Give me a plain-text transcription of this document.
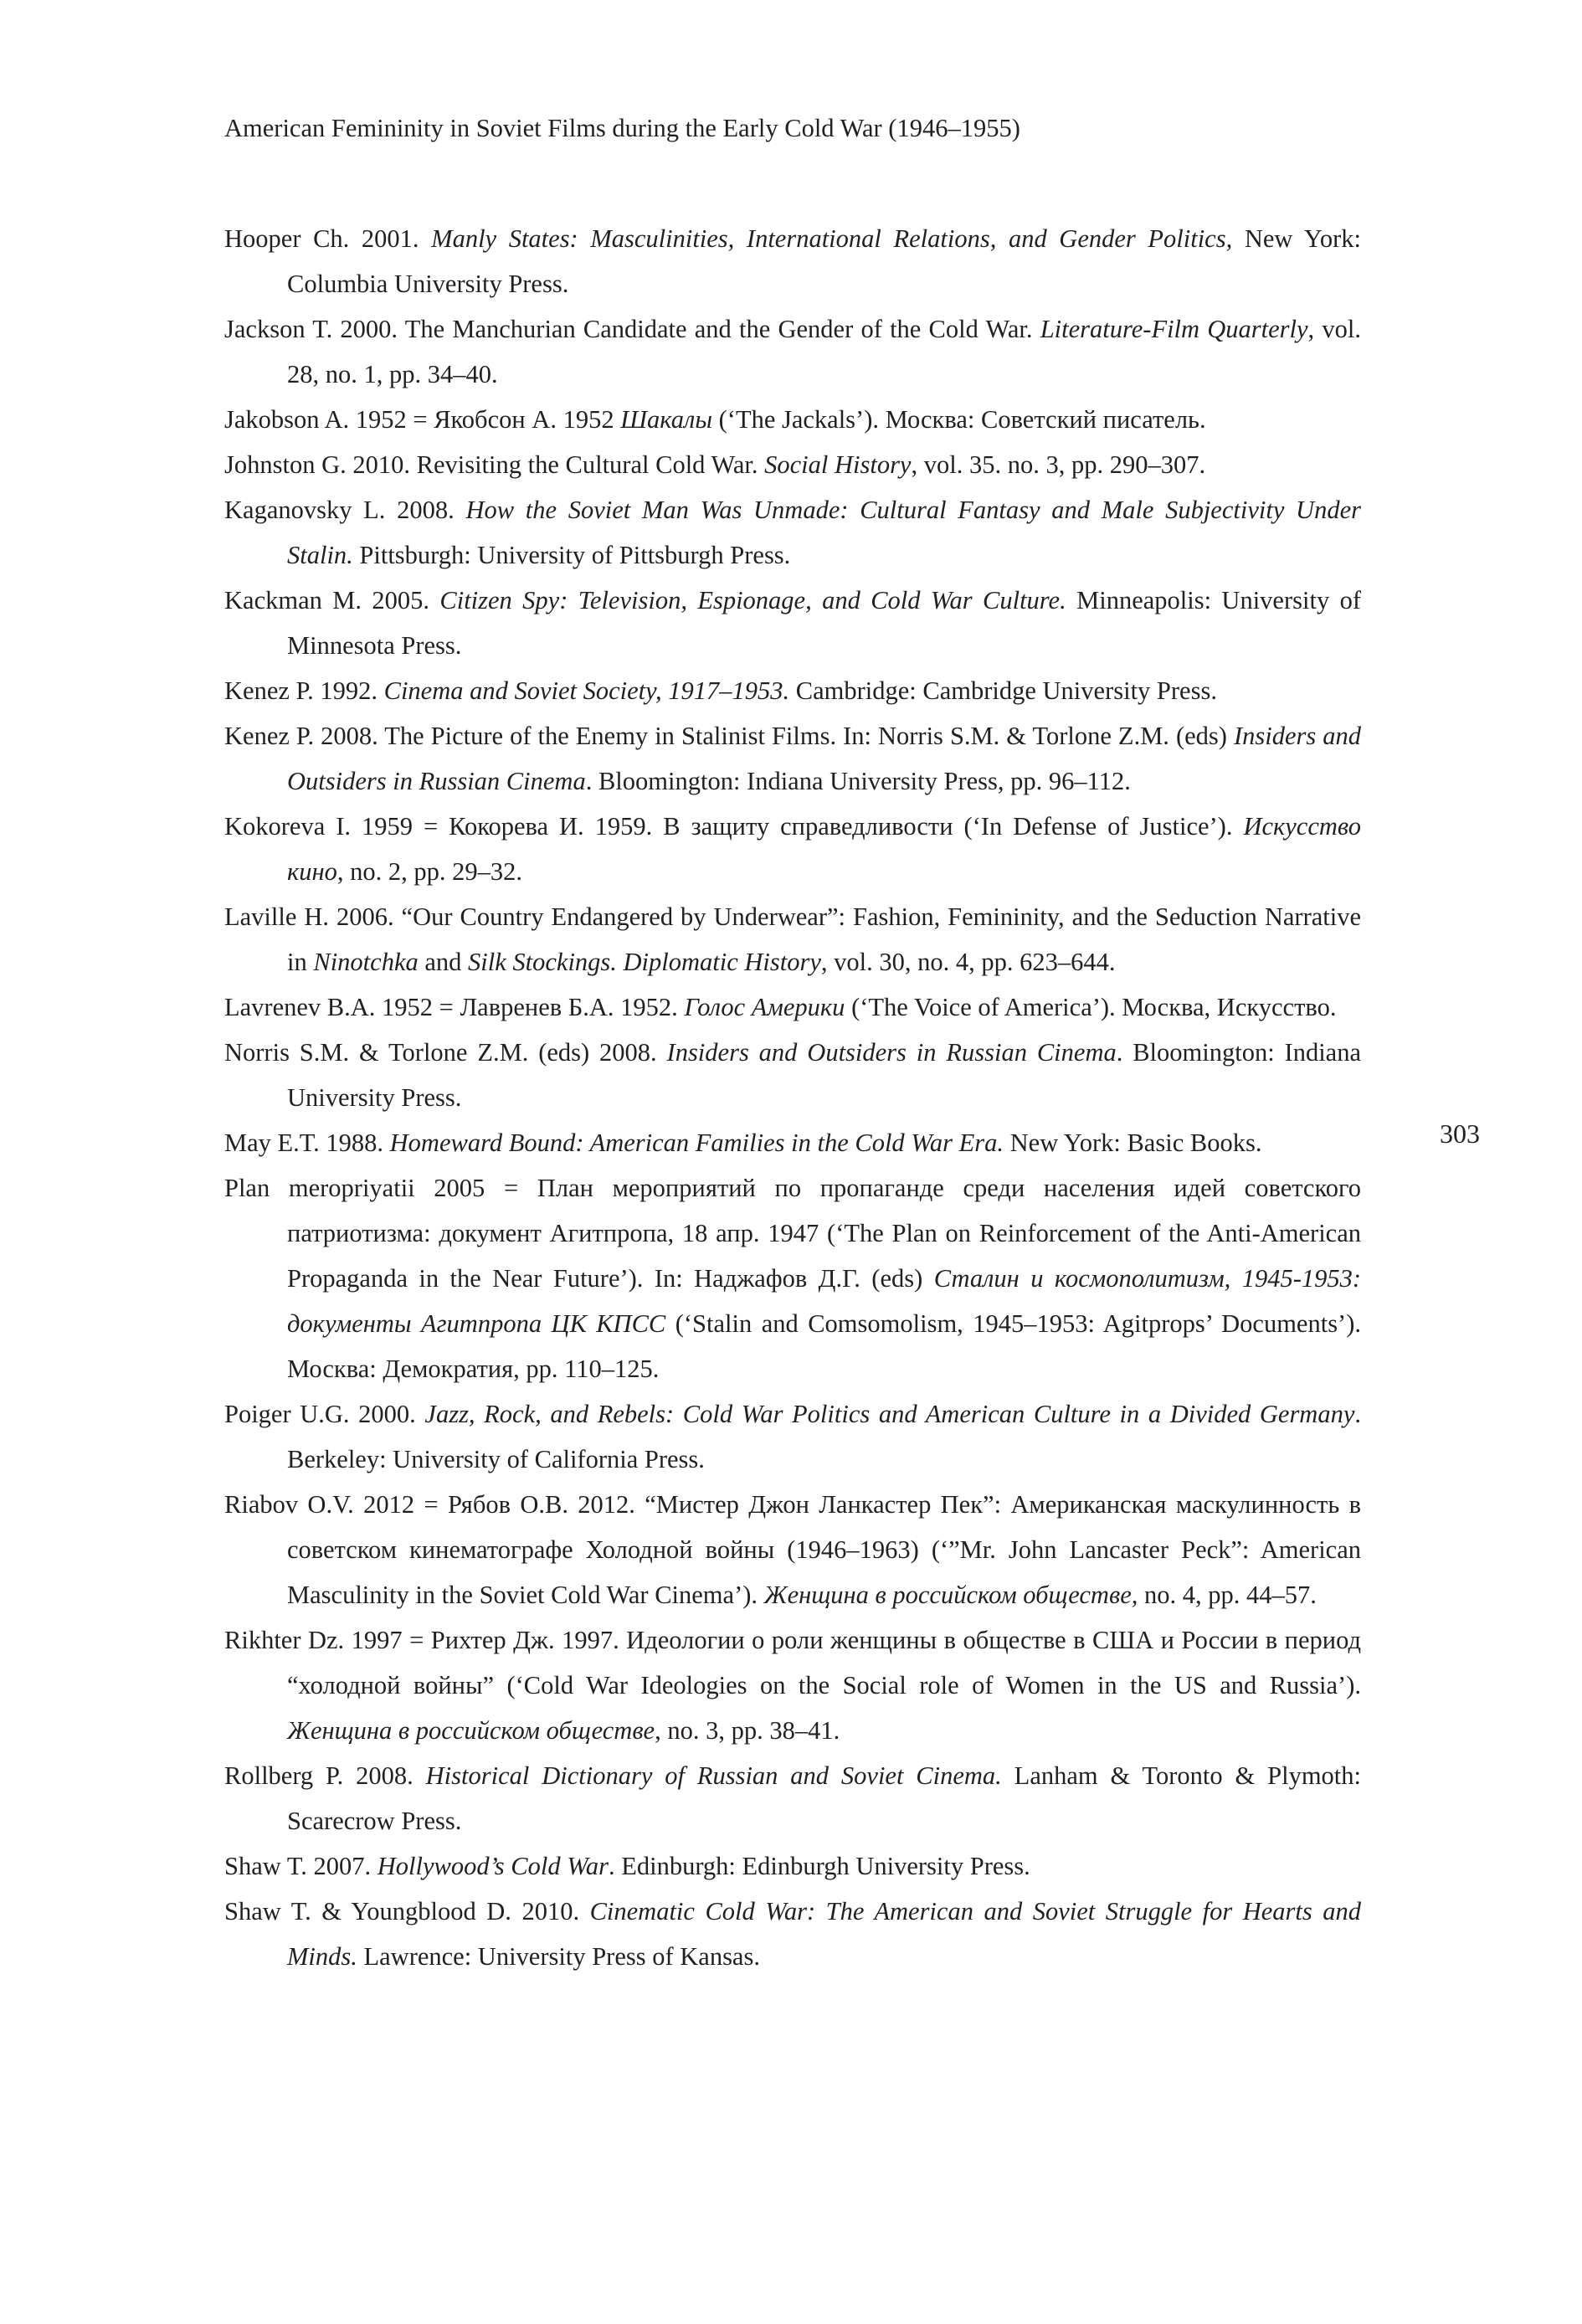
American Femininity in Soviet Films during the Early Cold War (1946–1955)
303
Hooper Ch. 2001. Manly States: Masculinities, International Relations, and Gender Politics, New York: Columbia University Press.
Jackson T. 2000. The Manchurian Candidate and the Gender of the Cold War. Literature-Film Quarterly, vol. 28, no. 1, pp. 34–40.
Jakobson A. 1952 = Якобсон А. 1952 Шакалы (‘The Jackals’). Москва: Советский писатель.
Johnston G. 2010. Revisiting the Cultural Cold War. Social History, vol. 35. no. 3, pp. 290–307.
Kaganovsky L. 2008. How the Soviet Man Was Unmade: Cultural Fantasy and Male Subjectivity Under Stalin. Pittsburgh: University of Pittsburgh Press.
Kackman M. 2005. Citizen Spy: Television, Espionage, and Cold War Culture. Minneapolis: University of Minnesota Press.
Kenez P. 1992. Cinema and Soviet Society, 1917–1953. Cambridge: Cambridge University Press.
Kenez P. 2008. The Picture of the Enemy in Stalinist Films. In: Norris S.M. & Torlone Z.M. (eds) Insiders and Outsiders in Russian Cinema. Bloomington: Indiana University Press, pp. 96–112.
Kokoreva I. 1959 = Кокорева И. 1959. В защиту справедливости (‘In Defense of Justice’). Искусство кино, no. 2, pp. 29–32.
Laville H. 2006. “Our Country Endangered by Underwear”: Fashion, Femininity, and the Seduction Narrative in Ninotchka and Silk Stockings. Diplomatic History, vol. 30, no. 4, pp. 623–644.
Lavrenev B.A. 1952 = Лавренев Б.А. 1952. Голос Америки (‘The Voice of America’). Москва, Искусство.
Norris S.M. & Torlone Z.M. (eds) 2008. Insiders and Outsiders in Russian Cinema. Bloomington: Indiana University Press.
May E.T. 1988. Homeward Bound: American Families in the Cold War Era. New York: Basic Books.
Plan meropriyatii 2005 = План мероприятий по пропаганде среди населения идей советского патриотизма: документ Агитпропа, 18 апр. 1947 (‘The Plan on Reinforcement of the Anti-American Propaganda in the Near Future’). In: Наджафов Д.Г. (eds) Сталин и космополитизм, 1945-1953: документы Агитпропа ЦК КПСС (‘Stalin and Comsomolism, 1945–1953: Agitprops’ Documents’). Москва: Демократия, pp. 110–125.
Poiger U.G. 2000. Jazz, Rock, and Rebels: Cold War Politics and American Culture in a Divided Germany. Berkeley: University of California Press.
Riabov O.V. 2012 = Рябов О.В. 2012. “Мистер Джон Ланкастер Пек”: Американская маскулинность в советском кинематографе Холодной войны (1946–1963) (‘”Mr. John Lancaster Peck”: American Masculinity in the Soviet Cold War Cinema’). Женщина в российском обществе, no. 4, pp. 44–57.
Rikhter Dz. 1997 = Рихтер Дж. 1997. Идеологии о роли женщины в обществе в США и России в период “холодной войны” (‘Cold War Ideologies on the Social role of Women in the US and Russia’). Женщина в российском обществе, no. 3, pp. 38–41.
Rollberg P. 2008. Historical Dictionary of Russian and Soviet Cinema. Lanham & Toronto & Plymoth: Scarecrow Press.
Shaw T. 2007. Hollywood’s Cold War. Edinburgh: Edinburgh University Press.
Shaw T. & Youngblood D. 2010. Cinematic Cold War: The American and Soviet Struggle for Hearts and Minds. Lawrence: University Press of Kansas.
